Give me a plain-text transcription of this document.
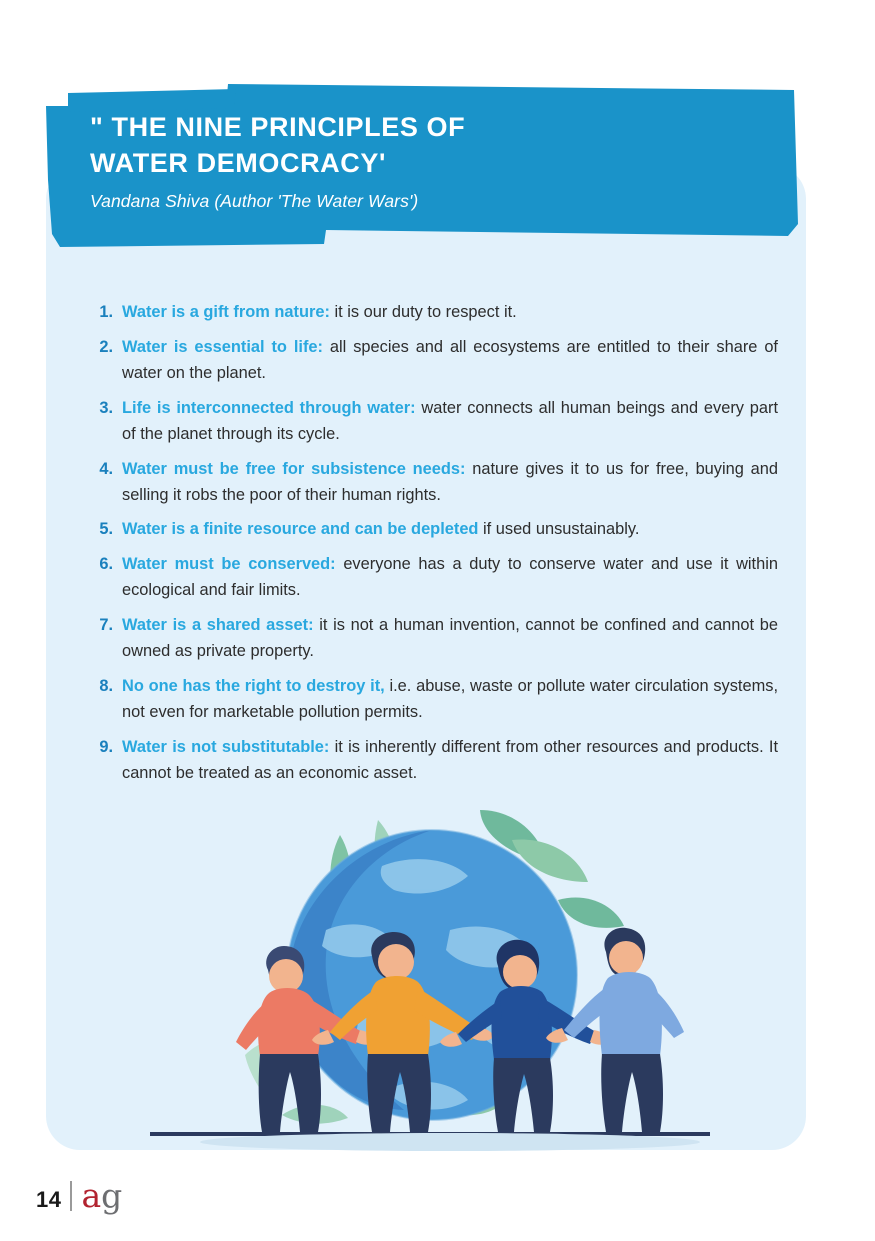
" THE NINE PRINCIPLES OF
WATER DEMOCRACY'
Vandana Shiva (Author 'The Water Wars')
1. Water is a gift from nature: it is our duty to respect it.
2. Water is essential to life: all species and all ecosystems are entitled to their share of water on the planet.
3. Life is interconnected through water: water connects all human beings and every part of the planet through its cycle.
4. Water must be free for subsistence needs: nature gives it to us for free, buying and selling it robs the poor of their human rights.
5. Water is a finite resource and can be depleted if used unsustainably.
6. Water must be conserved: everyone has a duty to conserve water and use it within ecological and fair limits.
7. Water is a shared asset: it is not a human invention, cannot be confined and cannot be owned as private property.
8. No one has the right to destroy it, i.e. abuse, waste or pollute water circulation systems, not even for marketable pollution permits.
9. Water is not substitutable: it is inherently different from other resources and products. It cannot be treated as an economic asset.
14 ag
